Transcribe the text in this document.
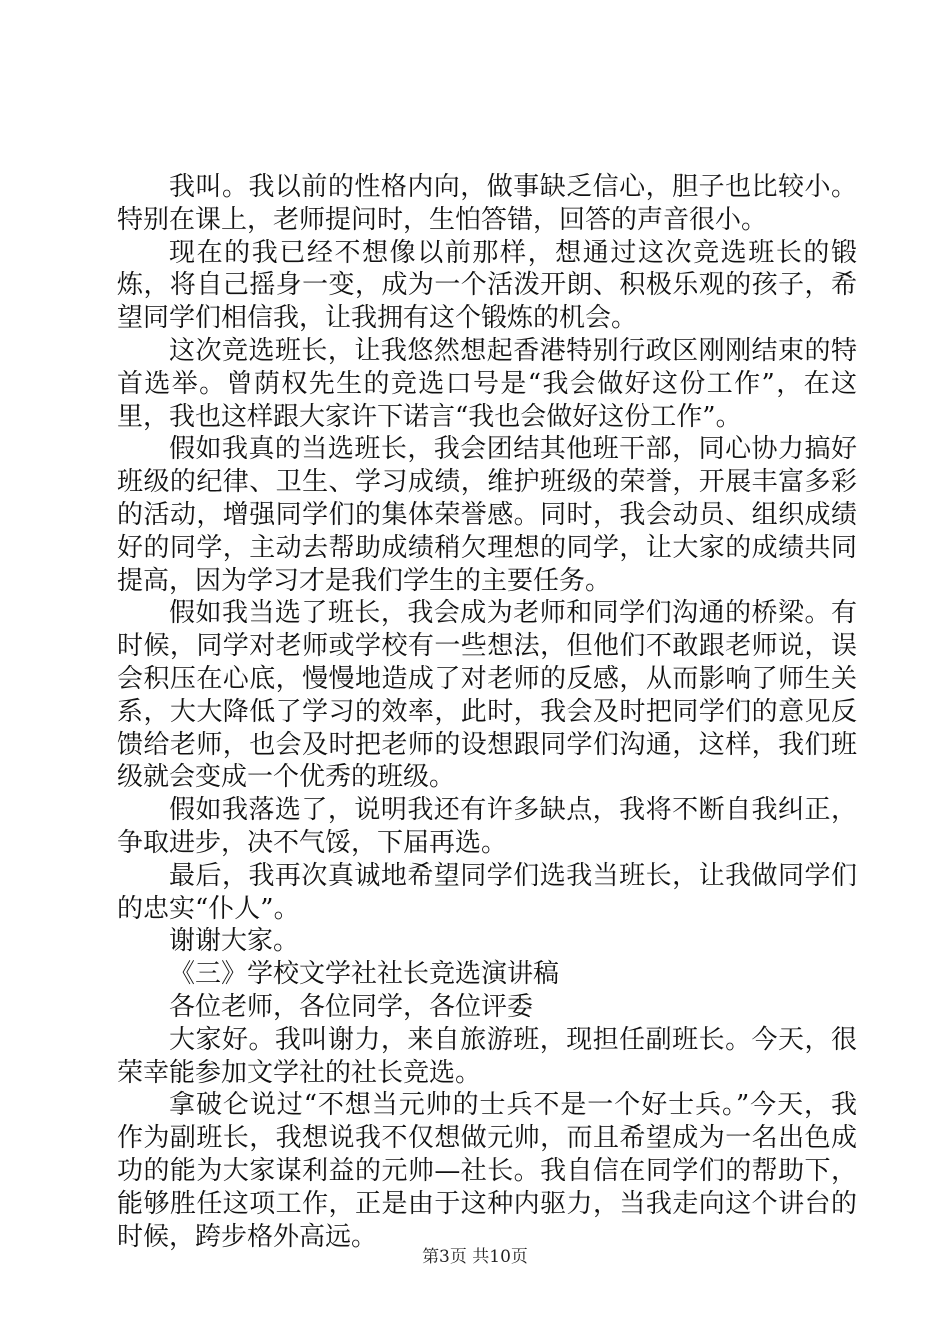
我叫。我以前的性格内向，做事缺乏信心，胆子也比较小。特别在课上，老师提问时，生怕答错，回答的声音很小。

现在的我已经不想像以前那样，想通过这次竞选班长的锻炼，将自己摇身一变，成为一个活泼开朗、积极乐观的孩子，希望同学们相信我，让我拥有这个锻炼的机会。

这次竞选班长，让我悠然想起香港特别行政区刚刚结束的特首选举。曾荫权先生的竞选口号是“我会做好这份工作”，在这里，我也这样跟大家许下诺言“我也会做好这份工作”。

假如我真的当选班长，我会团结其他班干部，同心协力搞好班级的纪律、卫生、学习成绩，维护班级的荣誉，开展丰富多彩的活动，增强同学们的集体荣誉感。同时，我会动员、组织成绩好的同学，主动去帮助成绩稍欠理想的同学，让大家的成绩共同提高，因为学习才是我们学生的主要任务。

假如我当选了班长，我会成为老师和同学们沟通的桥梁。有时候，同学对老师或学校有一些想法，但他们不敢跟老师说，误会积压在心底，慢慢地造成了对老师的反感，从而影响了师生关系，大大降低了学习的效率，此时，我会及时把同学们的意见反馈给老师，也会及时把老师的设想跟同学们沟通，这样，我们班级就会变成一个优秀的班级。

假如我落选了，说明我还有许多缺点，我将不断自我纠正，争取进步，决不气馁，下届再选。

最后，我再次真诚地希望同学们选我当班长，让我做同学们的忠实“仆人”。

谢谢大家。

《三》学校文学社社长竞选演讲稿

各位老师，各位同学，各位评委

大家好。我叫谢力，来自旅游班，现担任副班长。今天，很荣幸能参加文学社的社长竞选。

拿破仑说过“不想当元帅的士兵不是一个好士兵。”今天，我作为副班长，我想说我不仅想做元帅，而且希望成为一名出色成功的能为大家谋利益的元帅—社长。我自信在同学们的帮助下，能够胜任这项工作，正是由于这种内驱力，当我走向这个讲台的时候，跨步格外高远。

第3页 共10页
